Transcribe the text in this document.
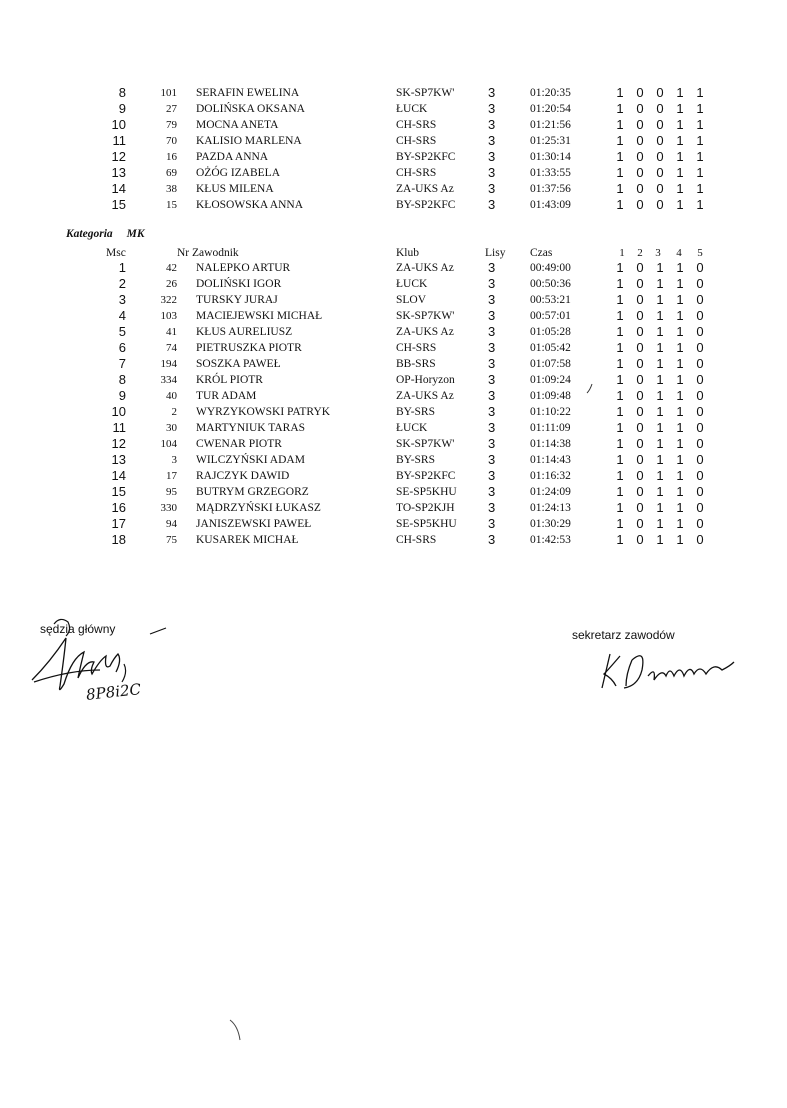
8	101 SERAFIN EWELINA	SK-SP7KW'	3	01:20:35	1 0 0 1 1
9	27 DOLIŃSKA OKSANA	ŁUCK	3	01:20:54	1 0 0 1 1
10	79 MOCNA ANETA	CH-SRS	3	01:21:56	1 0 0 1 1
11	70 KALISIO MARLENA	CH-SRS	3	01:25:31	1 0 0 1 1
12	16 PAZDA ANNA	BY-SP2KFC	3	01:30:14	1 0 0 1 1
13	69 OŻÓG IZABELA	CH-SRS	3	01:33:55	1 0 0 1 1
14	38 KŁUS MILENA	ZA-UKS Az	3	01:37:56	1 0 0 1 1
15	15 KŁOSOWSKA ANNA	BY-SP2KFC	3	01:43:09	1 0 0 1 1
Kategoria MK
Msc	Nr Zawodnik	Klub	Lisy Czas	1	2	3	4	5
1	42 NALEPKO ARTUR	ZA-UKS Az	3	00:49:00	1 0 1 1 0
2	26 DOLIŃSKI IGOR	ŁUCK	3	00:50:36	1 0 1 1 0
3	322 TURSKY JURAJ	SLOV	3	00:53:21	1 0 1 1 0
4	103 MACIEJEWSKI MICHAŁ	SK-SP7KW'	3	00:57:01	1 0 1 1 0
5	41 KŁUS AURELIUSZ	ZA-UKS Az	3	01:05:28	1 0 1 1 0
6	74 PIETRUSZKA PIOTR	CH-SRS	3	01:05:42	1 0 1 1 0
7	194 SOSZKA PAWEŁ	BB-SRS	3	01:07:58	1 0 1 1 0
8	334 KRÓL PIOTR	OP-Horyzon	3	01:09:24	1 0 1 1 0
9	40 TUR ADAM	ZA-UKS Az	3	01:09:48	1 0 1 1 0
10	2 WYRZYKOWSKI PATRYK	BY-SRS	3	01:10:22	1 0 1 1 0
11	30 MARTYNIUK TARAS	ŁUCK	3	01:11:09	1 0 1 1 0
12	104 CWENAR PIOTR	SK-SP7KW'	3	01:14:38	1 0 1 1 0
13	3 WILCZYŃSKI ADAM	BY-SRS	3	01:14:43	1 0 1 1 0
14	17 RAJCZYK DAWID	BY-SP2KFC	3	01:16:32	1 0 1 1 0
15	95 BUTRYM GRZEGORZ	SE-SP5KHU	3	01:24:09	1 0 1 1 0
16	330 MĄDRZYŃSKI ŁUKASZ	TO-SP2KJH	3	01:24:13	1 0 1 1 0
17	94 JANISZEWSKI PAWEŁ	SE-SP5KHU	3	01:30:29	1 0 1 1 0
18	75 KUSAREK MICHAŁ	CH-SRS	3	01:42:53	1 0 1 1 0
sędzia główny
8P8i2C
sekretarz zawodów
